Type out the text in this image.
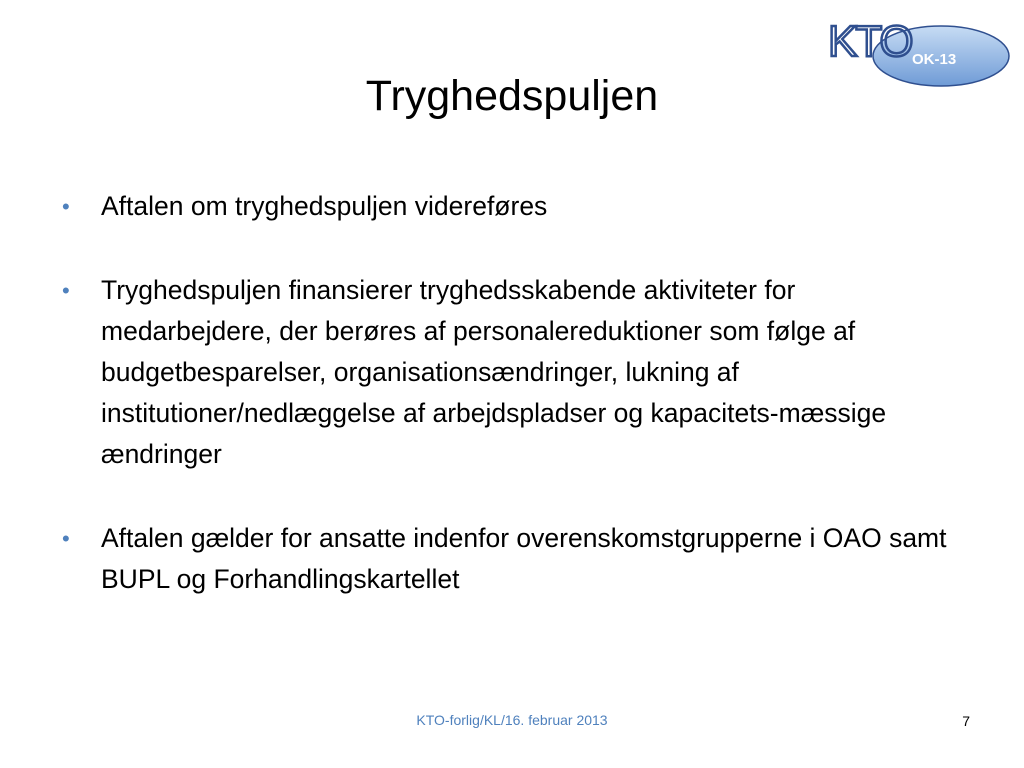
Tryghedspuljen
KTO OK-13
• Aftalen om tryghedspuljen videreføres
• Tryghedspuljen finansierer tryghedsskabende aktiviteter for medarbejdere, der berøres af personalereduktioner som følge af budgetbesparelser, organisationsændringer, lukning af institutioner/nedlæggelse af arbejdspladser og kapacitets-mæssige ændringer
• Aftalen gælder for ansatte indenfor overenskomstgrupperne i OAO samt BUPL og Forhandlingskartellet
KTO-forlig/KL/16. februar 2013	7
